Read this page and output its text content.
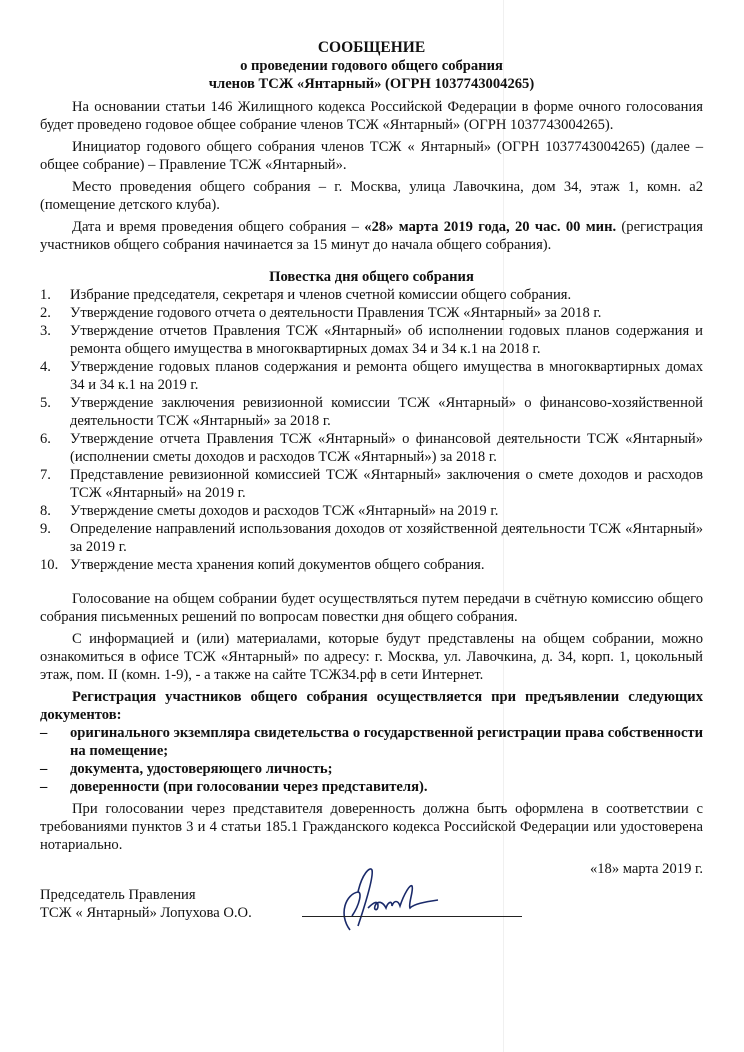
СООБЩЕНИЕ
о проведении годового общего собрания
членов ТСЖ «Янтарный» (ОГРН 1037743004265)

На основании статьи 146 Жилищного кодекса Российской Федерации в форме очного голосования будет проведено годовое общее собрание членов ТСЖ «Янтарный» (ОГРН 1037743004265).

Инициатор годового общего собрания членов ТСЖ « Янтарный» (ОГРН 1037743004265) (далее – общее собрание) – Правление ТСЖ «Янтарный».

Место проведения общего собрания – г. Москва, улица Лавочкина, дом 34, этаж 1, комн. а2 (помещение детского клуба).

Дата и время проведения общего собрания – «28» марта 2019 года, 20 час. 00 мин. (регистрация участников общего собрания начинается за 15 минут до начала общего собрания).

Повестка дня общего собрания
1. Избрание председателя, секретаря и членов счетной комиссии общего собрания.
2. Утверждение годового отчета о деятельности Правления ТСЖ «Янтарный» за 2018 г.
3. Утверждение отчетов Правления ТСЖ «Янтарный» об исполнении годовых планов содержания и ремонта общего имущества в многоквартирных домах 34 и 34 к.1 на 2018 г.
4. Утверждение годовых планов содержания и ремонта общего имущества в многоквартирных домах 34 и 34 к.1 на 2019 г.
5. Утверждение заключения ревизионной комиссии ТСЖ «Янтарный» о финансово-хозяйственной деятельности ТСЖ «Янтарный» за 2018 г.
6. Утверждение отчета Правления ТСЖ «Янтарный» о финансовой деятельности ТСЖ «Янтарный» (исполнении сметы доходов и расходов ТСЖ «Янтарный») за 2018 г.
7. Представление ревизионной комиссией ТСЖ «Янтарный» заключения о смете доходов и расходов ТСЖ «Янтарный» на 2019 г.
8. Утверждение сметы доходов и расходов ТСЖ «Янтарный» на 2019 г.
9. Определение направлений использования доходов от хозяйственной деятельности ТСЖ «Янтарный» за 2019 г.
10. Утверждение места хранения копий документов общего собрания.

Голосование на общем собрании будет осуществляться путем передачи в счётную комиссию общего собрания письменных решений по вопросам повестки дня общего собрания.

С информацией и (или) материалами, которые будут представлены на общем собрании, можно ознакомиться в офисе ТСЖ «Янтарный» по адресу: г. Москва, ул. Лавочкина, д. 34, корп. 1, цокольный этаж, пом. II (комн. 1-9), - а также на сайте ТСЖ34.рф в сети Интернет.

Регистрация участников общего собрания осуществляется при предъявлении следующих документов:

– оригинального экземпляра свидетельства о государственной регистрации права собственности на помещение;
– документа, удостоверяющего личность;
– доверенности (при голосовании через представителя).

При голосовании через представителя доверенность должна быть оформлена в соответствии с требованиями пунктов 3 и 4 статьи 185.1 Гражданского кодекса Российской Федерации или удостоверена нотариально.

«18» марта 2019 г.
Председатель Правления
ТСЖ « Янтарный» Лопухова О.О.
